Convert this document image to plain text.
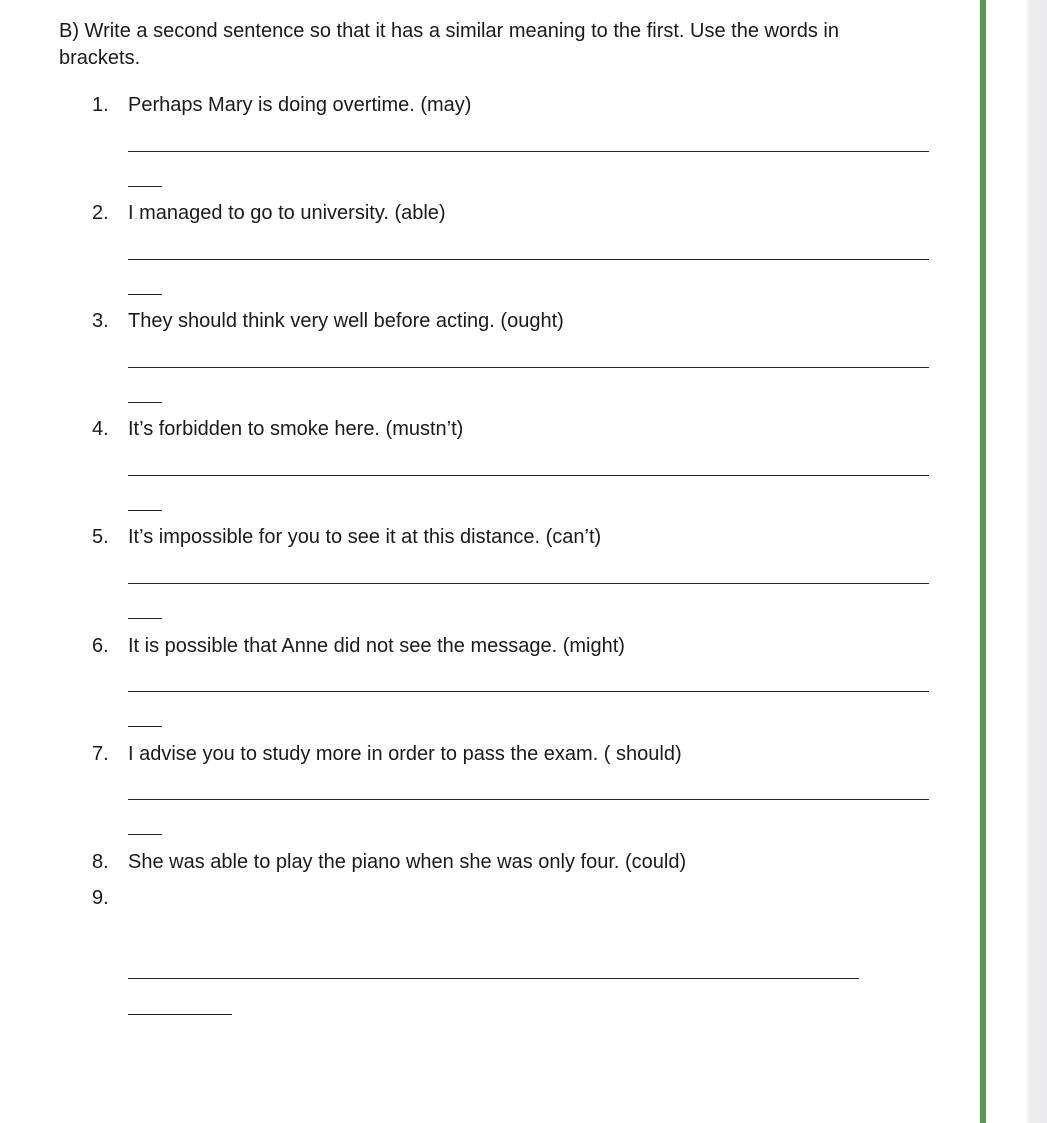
B) Write a second sentence so that it has a similar meaning to the first. Use the words in brackets.

1. Perhaps Mary is doing overtime. (may)
2. I managed to go to university. (able)
3. They should think very well before acting. (ought)
4. It’s forbidden to smoke here. (mustn’t)
5. It’s impossible for you to see it at this distance. (can’t)
6. It is possible that Anne did not see the message. (might)
7. I advise you to study more in order to pass the exam. ( should)
8. She was able to play the piano when she was only four. (could)
9.
